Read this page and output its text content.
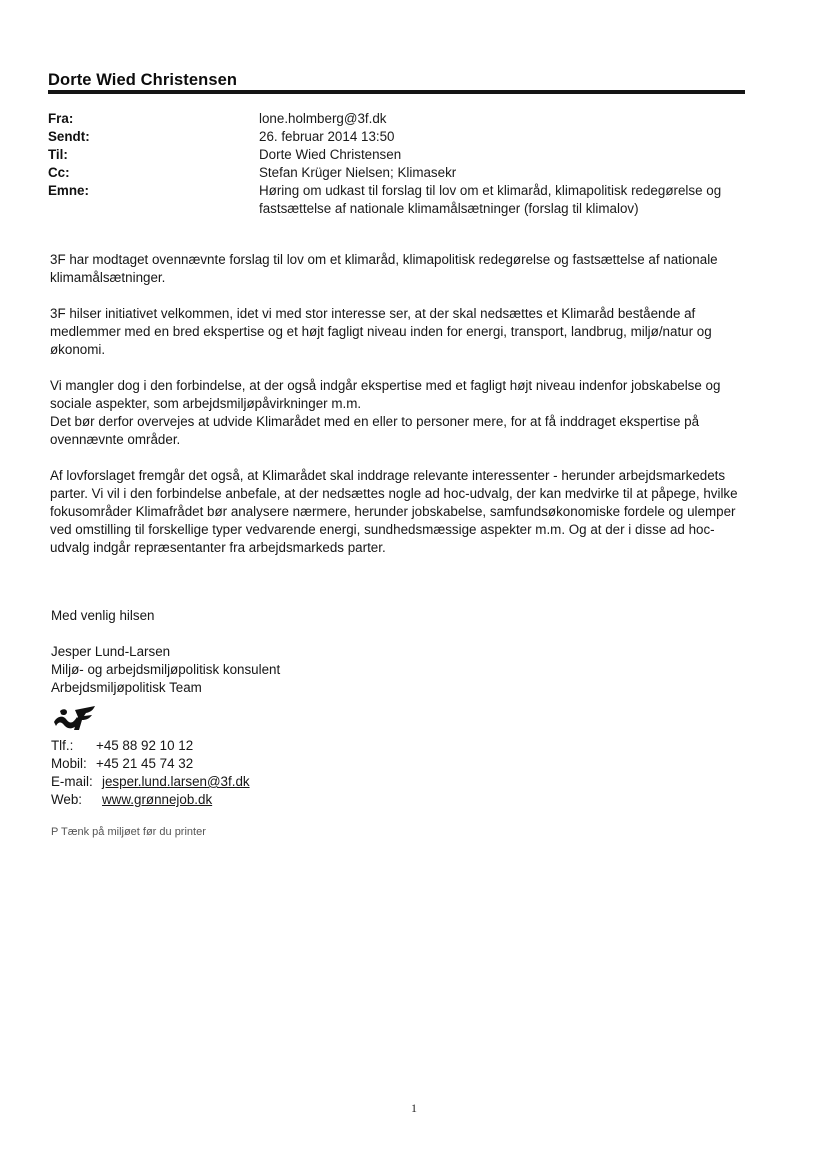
Dorte Wied Christensen
Fra:	lone.holmberg@3f.dk
Sendt:	26. februar 2014 13:50
Til:	Dorte Wied Christensen
Cc:	Stefan Krüger Nielsen; Klimasekr
Emne:	Høring om udkast til forslag til lov om et klimaråd, klimapolitisk redegørelse og
fastsættelse af nationale klimamålsætninger (forslag til klimalov)

3F har modtaget ovennævnte forslag til lov om et klimaråd, klimapolitisk redegørelse og fastsættelse af nationale
klimamålsætninger.

3F hilser initiativet velkommen, idet vi med stor interesse ser, at der skal nedsættes et Klimaråd bestående af
medlemmer med en bred ekspertise og et højt fagligt niveau inden for energi, transport, landbrug, miljø/natur og
økonomi.

Vi mangler dog i den forbindelse, at der også indgår ekspertise med et fagligt højt niveau indenfor jobskabelse og
sociale aspekter, som arbejdsmiljøpåvirkninger m.m.
Det bør derfor overvejes at udvide Klimarådet med en eller to personer mere, for at få inddraget ekspertise på
ovennævnte områder.

Af lovforslaget fremgår det også, at Klimarådet skal inddrage relevante interessenter - herunder arbejdsmarkedets
parter. Vi vil i den forbindelse anbefale, at der nedsættes nogle ad hoc-udvalg, der kan medvirke til at påpege, hvilke
fokusområder Klimafrådet bør analysere nærmere, herunder jobskabelse, samfundsøkonomiske fordele og ulemper
ved omstilling til forskellige typer vedvarende energi, sundhedsmæssige aspekter m.m. Og at der i disse ad hoc-
udvalg indgår repræsentanter fra arbejdsmarkeds parter.

Med venlig hilsen
Jesper Lund-Larsen
Miljø- og arbejdsmiljøpolitisk konsulent
Arbejdsmiljøpolitisk Team
Tlf.: +45 88 92 10 12
Mobil: +45 21 45 74 32
E-mail: jesper.lund.larsen@3f.dk
Web: www.grønnejob.dk
P Tænk på miljøet før du printer
1
